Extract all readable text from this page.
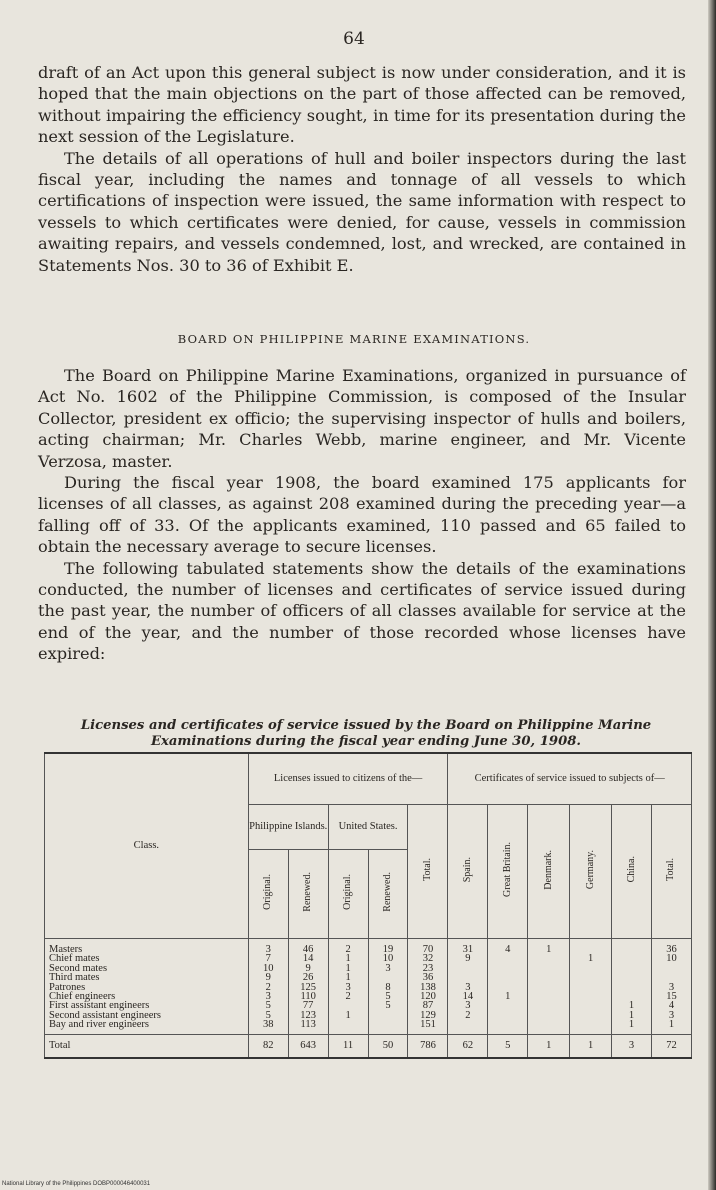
64

draft of an Act upon this general subject is now under consideration, and it is hoped that the main objections on the part of those affected can be removed, without impairing the efficiency sought, in time for its presentation during the next session of the Legislature.

The details of all operations of hull and boiler inspectors during the last fiscal year, including the names and tonnage of all vessels to which certifications of inspection were issued, the same information with respect to vessels to which certificates were denied, for cause, vessels in commission awaiting repairs, and vessels condemned, lost, and wrecked, are contained in Statements Nos. 30 to 36 of Exhibit E.

BOARD ON PHILIPPINE MARINE EXAMINATIONS.

The Board on Philippine Marine Examinations, organized in pursuance of Act No. 1602 of the Philippine Commission, is composed of the Insular Collector, president ex officio; the supervising inspector of hulls and boilers, acting chairman; Mr. Charles Webb, marine engineer, and Mr. Vicente Verzosa, master.

During the fiscal year 1908, the board examined 175 applicants for licenses of all classes, as against 208 examined during the preceding year—a falling off of 33. Of the applicants examined, 110 passed and 65 failed to obtain the necessary average to secure licenses.

The following tabulated statements show the details of the examinations conducted, the number of licenses and certificates of service issued during the past year, the number of officers of all classes available for service at the end of the year, and the number of those recorded whose licenses have expired:

Licenses and certificates of service issued by the Board on Philippine Marine Examinations during the fiscal year ending June 30, 1908.
Class.	Licenses issued to citizens of the—					Certificates of service issued to subjects of—					
	Philippine Islands.		United States.		Total.	Spain.	Great Britain.	Denmark.	Germany.	China.	Total.
	Original.	Renewed.	Original.	Renewed.							
Masters	3	46	2	19	70	31	4	1			36
Chief mates	7	14	1	10	32	9			1		10
Second mates	10	9	1	3	23						
Third mates	9	26	1		36						
Patrones	2	125	3	8	138	3					3
Chief engineers	3	110	2	5	120	14	1				15
First assistant engineers	5	77		5	87	3				1	4
Second assistant engineers	5	123	1		129	2				1	3
Bay and river engineers	38	113			151					1	1
Total	82	643	11	50	786	62	5	1	1	3	72
National Library of the Philippines DOBP000046400031
